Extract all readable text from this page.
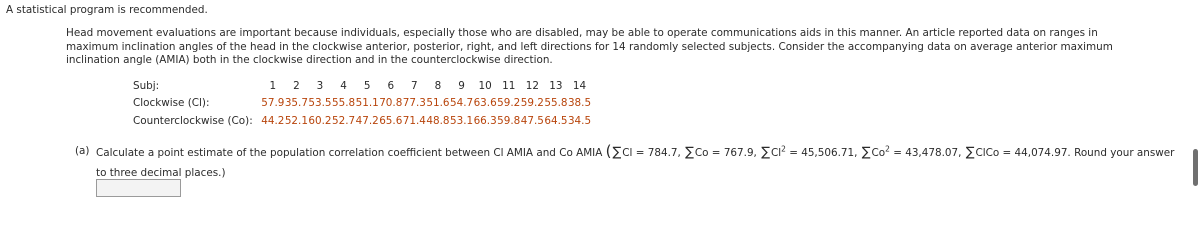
A statistical program is recommended.
Head movement evaluations are important because individuals, especially those who are disabled, may be able to operate communications aids in this manner. An article reported data on ranges in maximum inclination angles of the head in the clockwise anterior, posterior, right, and left directions for 14 randomly selected subjects. Consider the accompanying data on average anterior maximum inclination angle (AMIA) both in the clockwise direction and in the counterclockwise direction.
Subj:	1	2	3	4	5	6	7	8	9	10	11	12	13	14
Clockwise (Cl):	57.9	35.7	53.5	55.8	51.1	70.8	77.3	51.6	54.7	63.6	59.2	59.2	55.8	38.5
Counterclockwise (Co):	44.2	52.1	60.2	52.7	47.2	65.6	71.4	48.8	53.1	66.3	59.8	47.5	64.5	34.5
(a) Calculate a point estimate of the population correlation coefficient between Cl AMIA and Co AMIA (∑Cl = 784.7, ∑Co = 767.9, $\sum Cl^2 = 45,506.71$, $\sum Co^2 = 43,478.07$, ∑ClCo = 44,074.97. Round your answer to three decimal places.)
